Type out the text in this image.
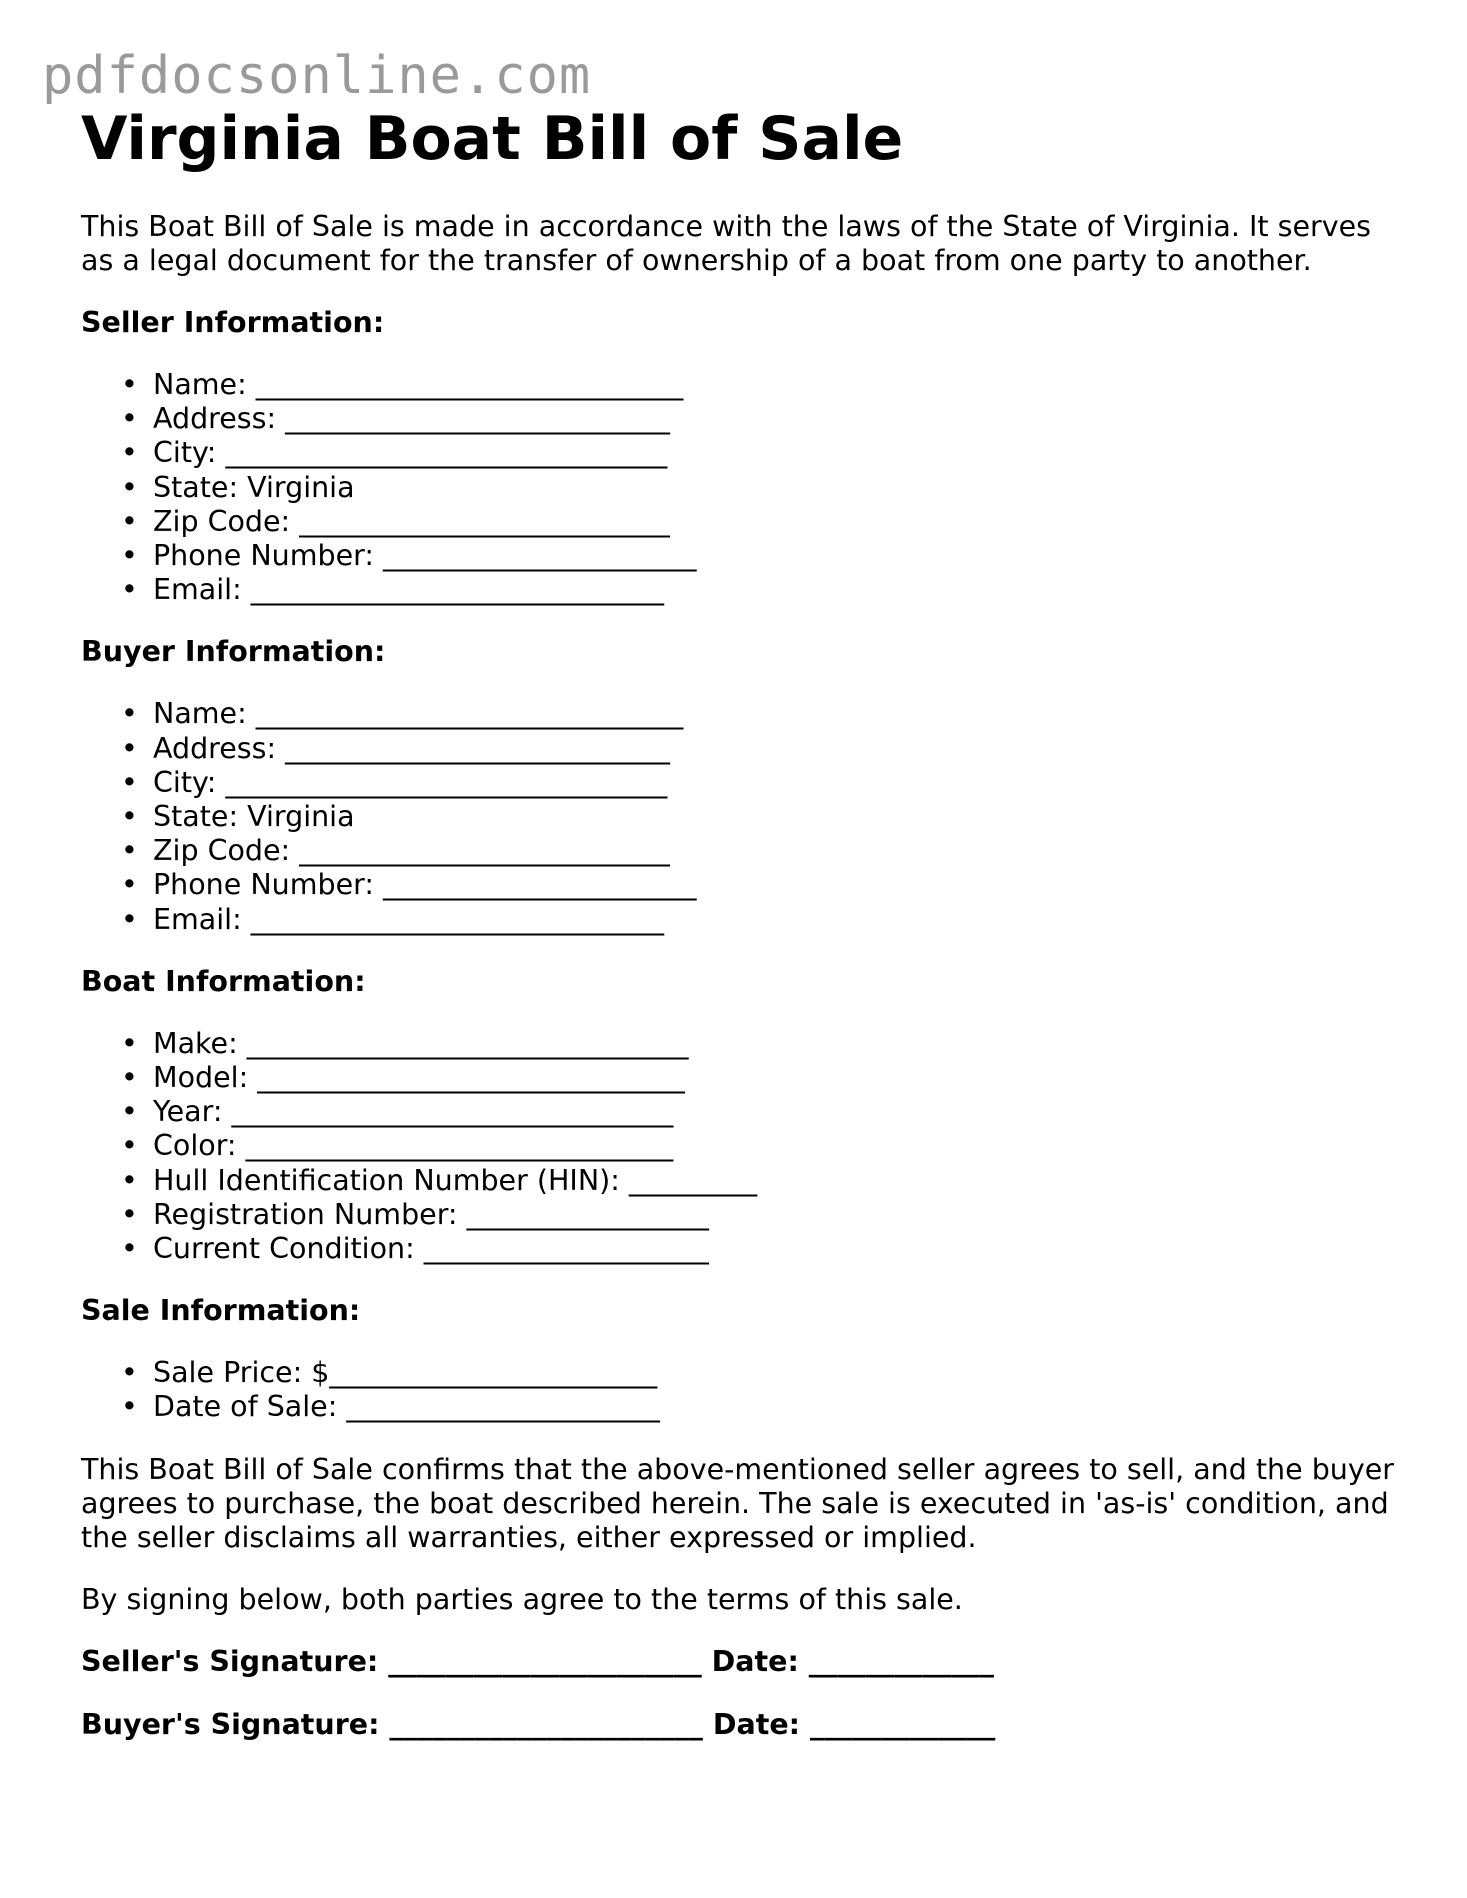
pdfdocsonline.com
Virginia Boat Bill of Sale

This Boat Bill of Sale is made in accordance with the laws of the State of Virginia. It serves as a legal document for the transfer of ownership of a boat from one party to another.

Seller Information:
• Name: ______________________________
• Address: ___________________________
• City: _______________________________
• State: Virginia
• Zip Code: __________________________
• Phone Number: ______________________
• Email: _____________________________
Buyer Information:
• Name: ______________________________
• Address: ___________________________
• City: _______________________________
• State: Virginia
• Zip Code: __________________________
• Phone Number: ______________________
• Email: _____________________________
Boat Information:
• Make: _______________________________
• Model: ______________________________
• Year: _______________________________
• Color: ______________________________
• Hull Identification Number (HIN): _________
• Registration Number: _________________
• Current Condition: ____________________
Sale Information:
• Sale Price: $_______________________
• Date of Sale: ______________________

This Boat Bill of Sale confirms that the above-mentioned seller agrees to sell, and the buyer agrees to purchase, the boat described herein. The sale is executed in 'as-is' condition, and the seller disclaims all warranties, either expressed or implied.

By signing below, both parties agree to the terms of this sale.

Seller's Signature: ______________________ Date: _____________
Buyer's Signature: ______________________ Date: _____________
